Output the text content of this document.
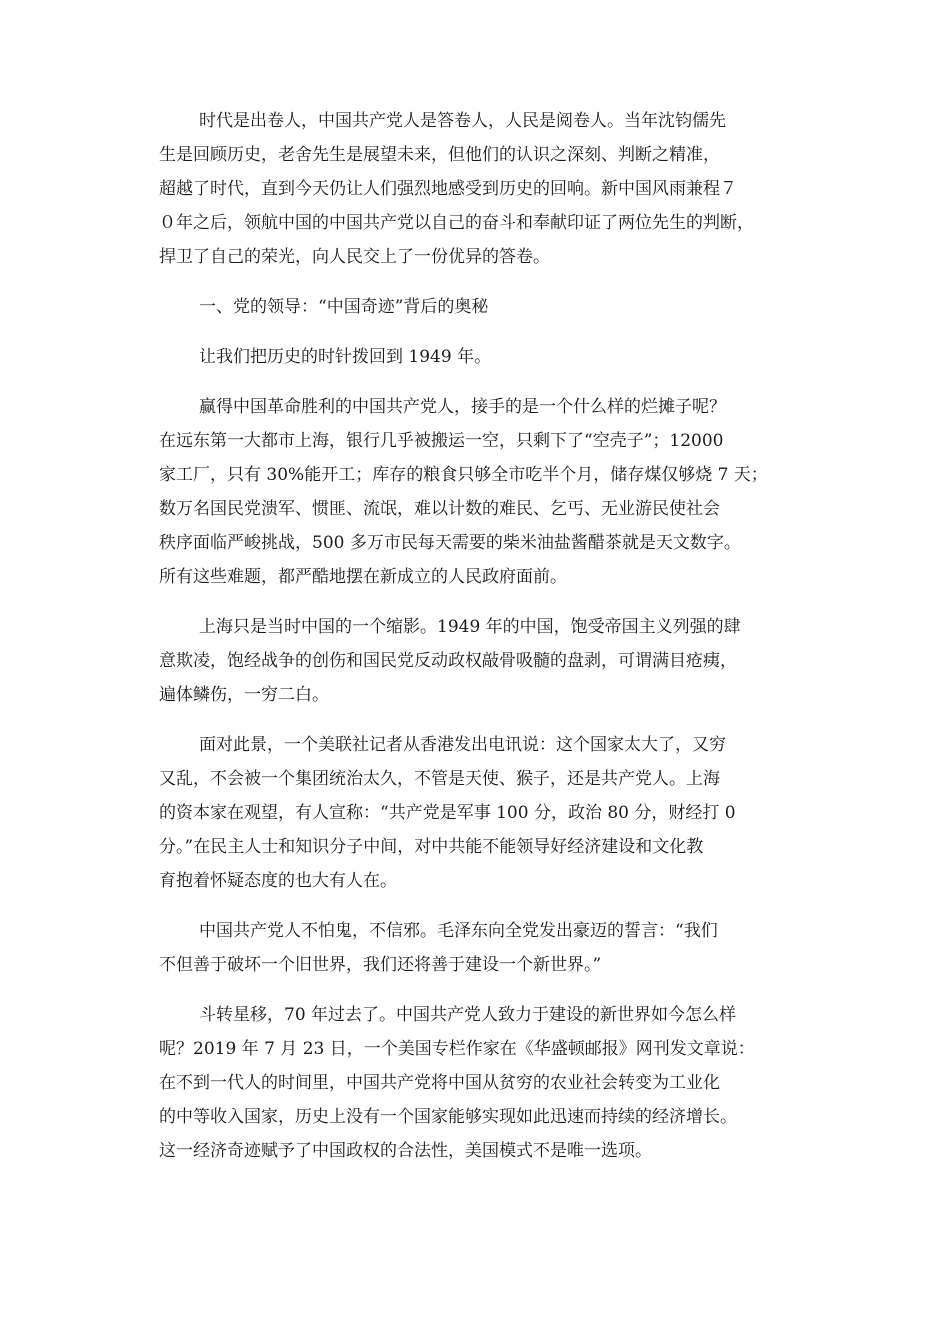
时代是出卷人，中国共产党人是答卷人，人民是阅卷人。当年沈钧儒先
生是回顾历史，老舍先生是展望未来，但他们的认识之深刻、判断之精准，
超越了时代，直到今天仍让人们强烈地感受到历史的回响。新中国风雨兼程７
０年之后，领航中国的中国共产党以自己的奋斗和奉献印证了两位先生的判断，
捍卫了自己的荣光，向人民交上了一份优异的答卷。
一、党的领导：“中国奇迹”背后的奥秘
让我们把历史的时针拨回到 1949 年。
赢得中国革命胜利的中国共产党人，接手的是一个什么样的烂摊子呢？
在远东第一大都市上海，银行几乎被搬运一空，只剩下了“空壳子”；12000
家工厂，只有 30%能开工；库存的粮食只够全市吃半个月，储存煤仅够烧 7 天；
数万名国民党溃军、惯匪、流氓，难以计数的难民、乞丐、无业游民使社会
秩序面临严峻挑战，500 多万市民每天需要的柴米油盐酱醋茶就是天文数字。
所有这些难题，都严酷地摆在新成立的人民政府面前。
上海只是当时中国的一个缩影。1949 年的中国，饱受帝国主义列强的肆
意欺凌，饱经战争的创伤和国民党反动政权敲骨吸髓的盘剥，可谓满目疮痍，
遍体鳞伤，一穷二白。
面对此景，一个美联社记者从香港发出电讯说：这个国家太大了，又穷
又乱，不会被一个集团统治太久，不管是天使、猴子，还是共产党人。上海
的资本家在观望，有人宣称：“共产党是军事 100 分，政治 80 分，财经打 0
分。”在民主人士和知识分子中间，对中共能不能领导好经济建设和文化教
育抱着怀疑态度的也大有人在。
中国共产党人不怕鬼，不信邪。毛泽东向全党发出豪迈的誓言：“我们
不但善于破坏一个旧世界，我们还将善于建设一个新世界。”
斗转星移，70 年过去了。中国共产党人致力于建设的新世界如今怎么样
呢？2019 年 7 月 23 日，一个美国专栏作家在《华盛顿邮报》网刊发文章说：
在不到一代人的时间里，中国共产党将中国从贫穷的农业社会转变为工业化
的中等收入国家，历史上没有一个国家能够实现如此迅速而持续的经济增长。
这一经济奇迹赋予了中国政权的合法性，美国模式不是唯一选项。
